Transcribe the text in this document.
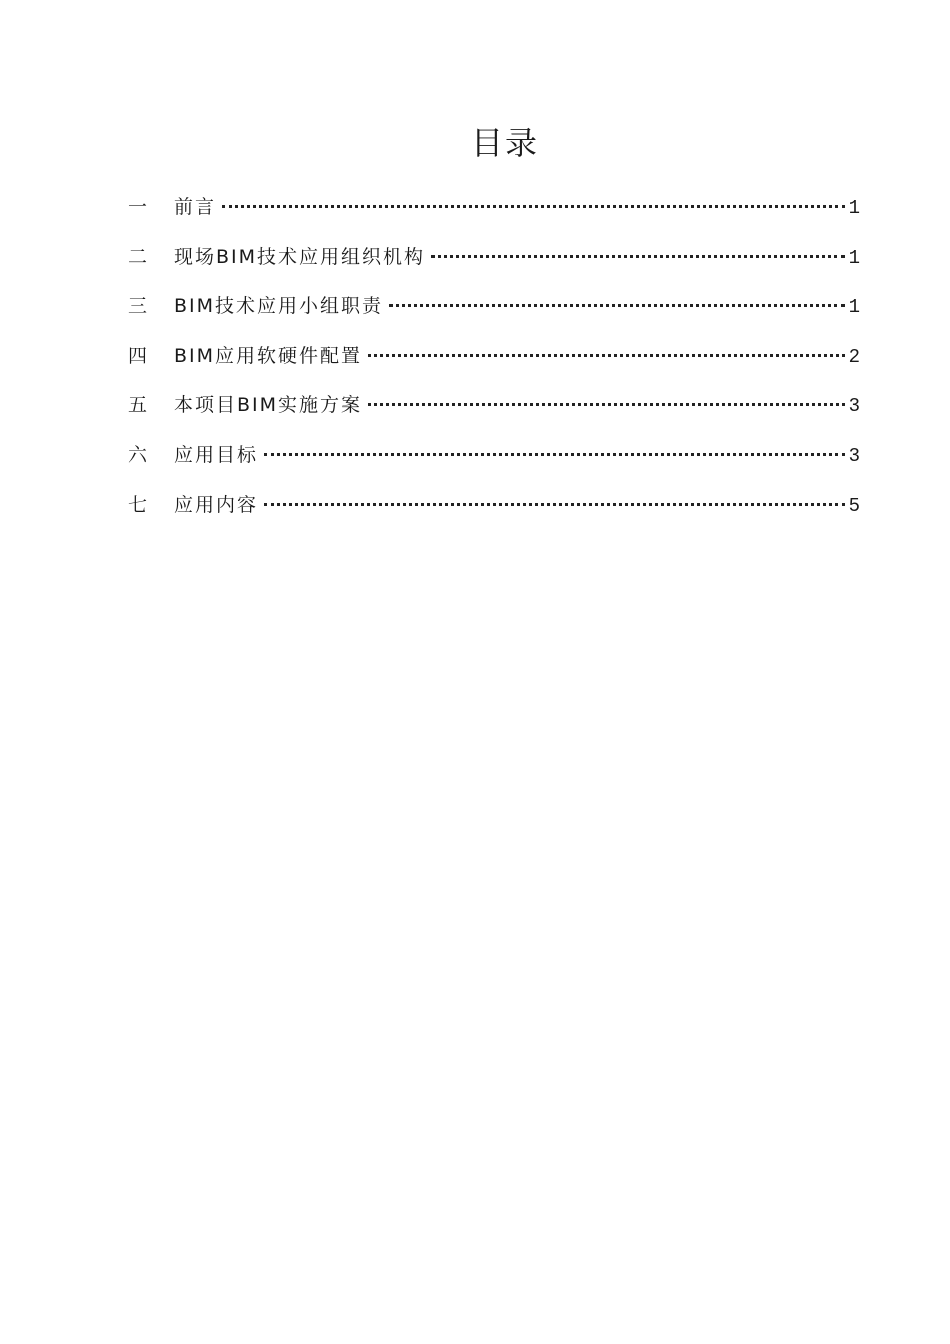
目录
一	前言	1
二	现场BIM技术应用组织机构	1
三	BIM技术应用小组职责	1
四	BIM应用软硬件配置	2
五	本项目BIM实施方案	3
六	应用目标	3
七	应用内容	5
